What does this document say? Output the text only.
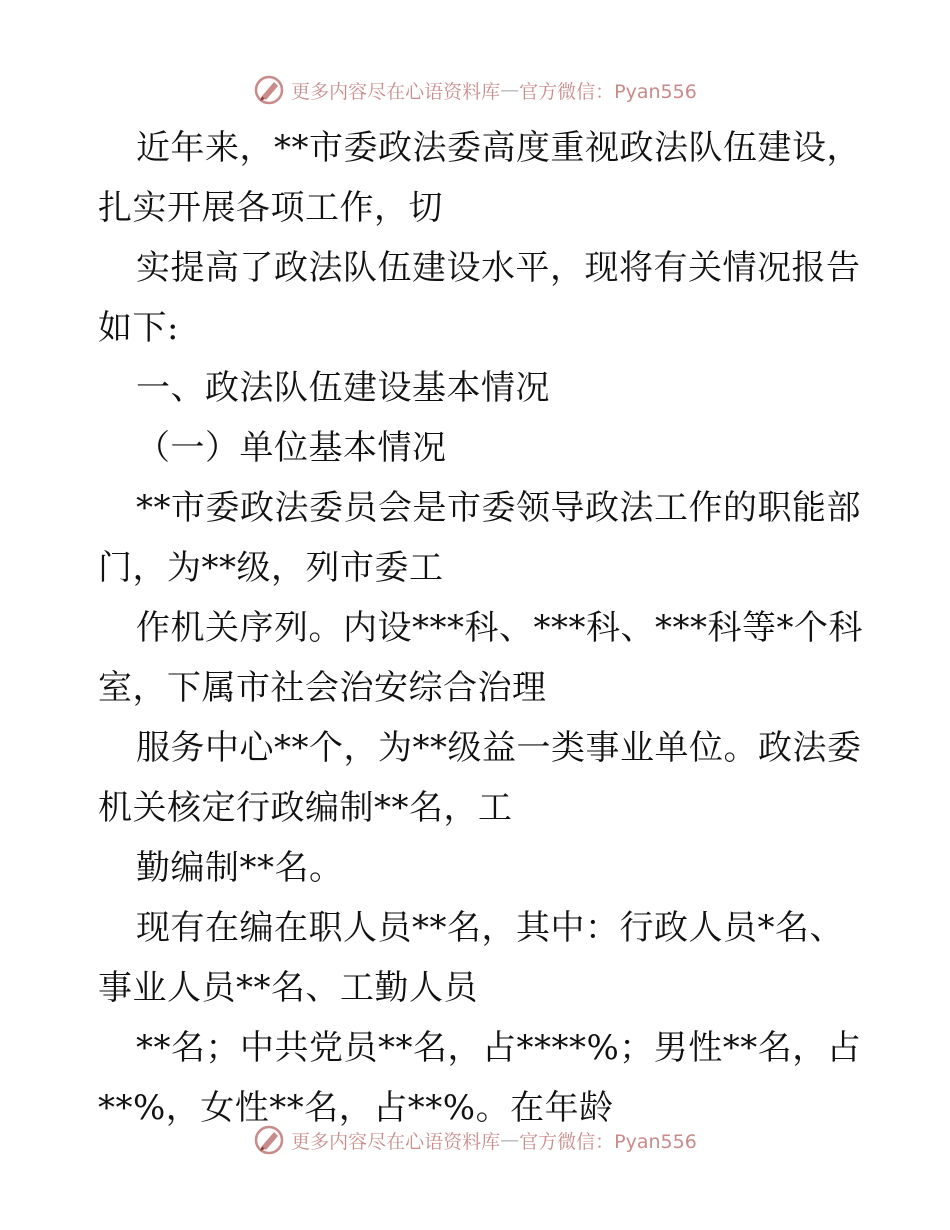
更多内容尽在心语资料库 — 官方微信：Pyan556
近年来，**市委政法委高度重视政法队伍建设，
扎实开展各项工作，切
实提高了政法队伍建设水平，现将有关情况报告
如下:
一、政法队伍建设基本情况
（一）单位基本情况
**市委政法委员会是市委领导政法工作的职能部
门，为**级，列市委工
作机关序列。内设***科、***科、***科等*个科
室，下属市社会治安综合治理
服务中心**个，为**级益一类事业单位。政法委
机关核定行政编制**名，工
勤编制**名。
现有在编在职人员**名，其中：行政人员*名、
事业人员**名、工勤人员
**名；中共党员**名，占****%；男性**名，占
**%，女性**名，占**%。在年龄
更多内容尽在心语资料库 — 官方微信：Pyan556
